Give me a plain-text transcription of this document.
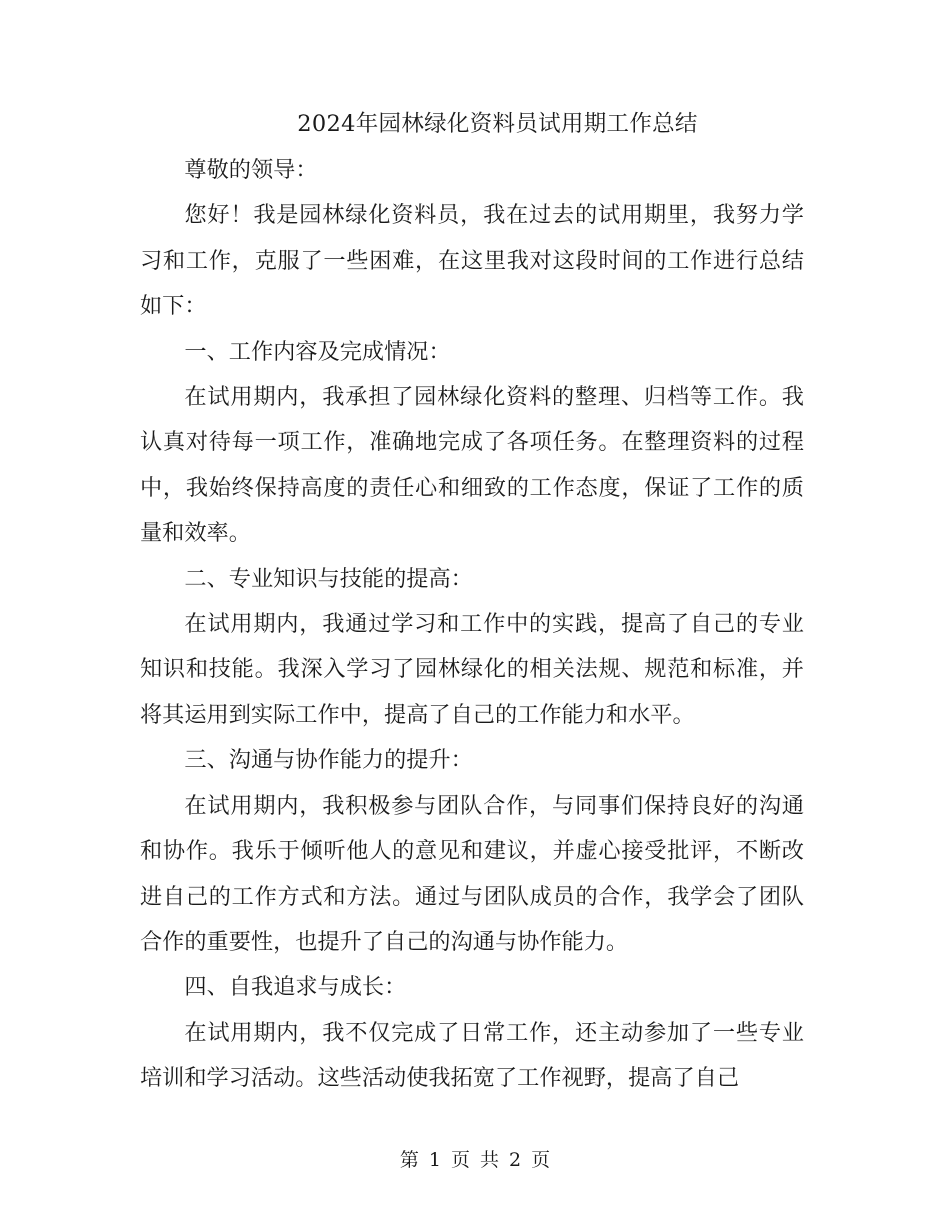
2024年园林绿化资料员试用期工作总结

尊敬的领导：

您好！我是园林绿化资料员，我在过去的试用期里，我努力学习和工作，克服了一些困难，在这里我对这段时间的工作进行总结如下：

一、工作内容及完成情况：

在试用期内，我承担了园林绿化资料的整理、归档等工作。我认真对待每一项工作，准确地完成了各项任务。在整理资料的过程中，我始终保持高度的责任心和细致的工作态度，保证了工作的质量和效率。

二、专业知识与技能的提高：

在试用期内，我通过学习和工作中的实践，提高了自己的专业知识和技能。我深入学习了园林绿化的相关法规、规范和标准，并将其运用到实际工作中，提高了自己的工作能力和水平。

三、沟通与协作能力的提升：

在试用期内，我积极参与团队合作，与同事们保持良好的沟通和协作。我乐于倾听他人的意见和建议，并虚心接受批评，不断改进自己的工作方式和方法。通过与团队成员的合作，我学会了团队合作的重要性，也提升了自己的沟通与协作能力。

四、自我追求与成长：

在试用期内，我不仅完成了日常工作，还主动参加了一些专业培训和学习活动。这些活动使我拓宽了工作视野，提高了自己

第 1 页 共 2 页
